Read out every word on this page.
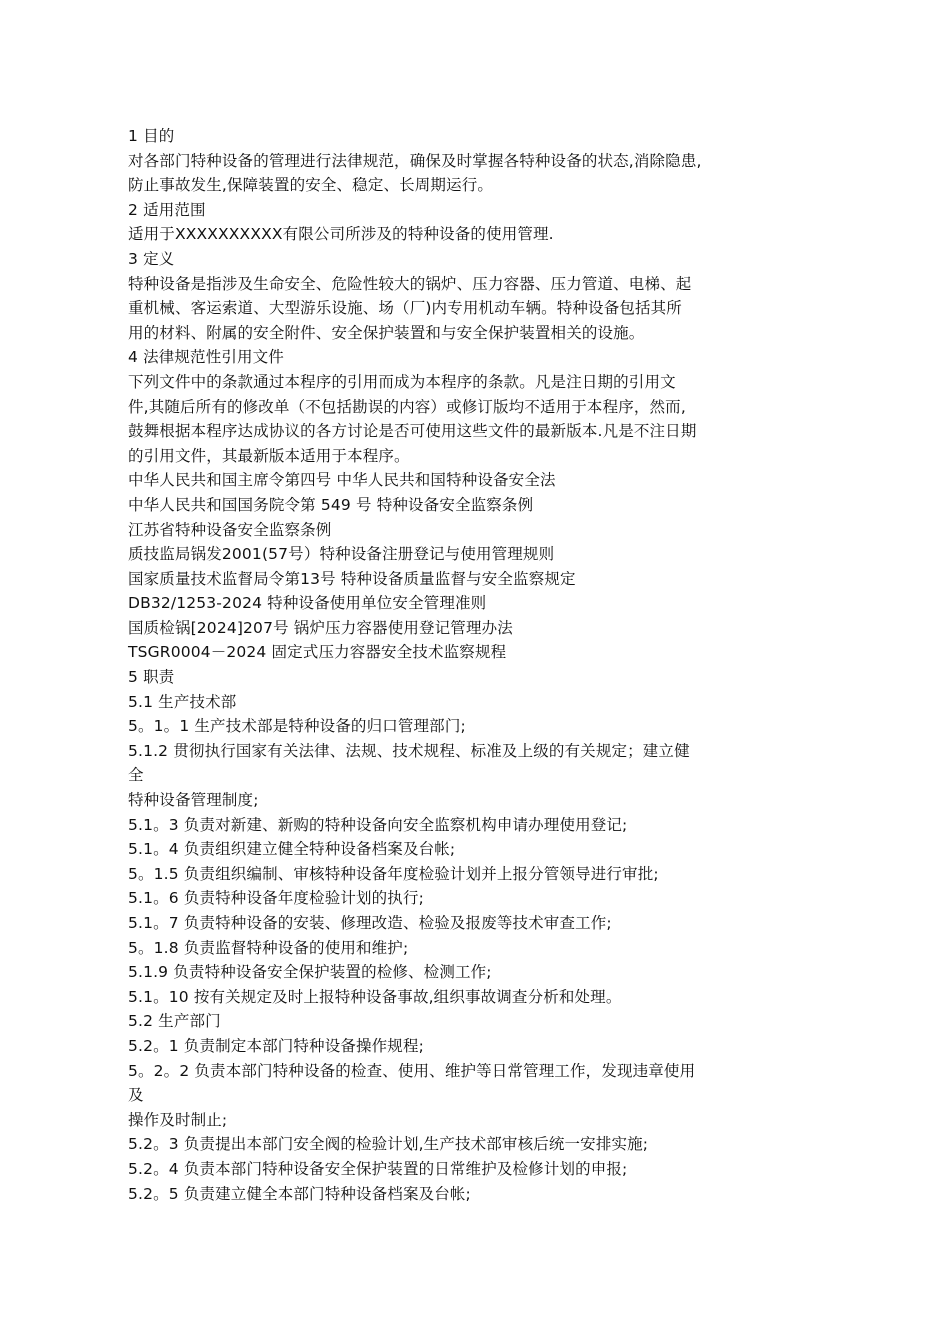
1 目的
对各部门特种设备的管理进行法律规范，确保及时掌握各特种设备的状态,消除隐患,
防止事故发生,保障装置的安全、稳定、长周期运行。
2 适用范围
适用于XXXXXXXXXX有限公司所涉及的特种设备的使用管理.
3 定义
特种设备是指涉及生命安全、危险性较大的锅炉、压力容器、压力管道、电梯、起
重机械、客运索道、大型游乐设施、场（厂)内专用机动车辆。特种设备包括其所
用的材料、附属的安全附件、安全保护装置和与安全保护装置相关的设施。
4 法律规范性引用文件
下列文件中的条款通过本程序的引用而成为本程序的条款。凡是注日期的引用文
件,其随后所有的修改单（不包括勘误的内容）或修订版均不适用于本程序，然而,
鼓舞根据本程序达成协议的各方讨论是否可使用这些文件的最新版本.凡是不注日期
的引用文件，其最新版本适用于本程序。
中华人民共和国主席令第四号 中华人民共和国特种设备安全法
中华人民共和国国务院令第 549 号 特种设备安全监察条例
江苏省特种设备安全监察条例
质技监局锅发2001(57号）特种设备注册登记与使用管理规则
国家质量技术监督局令第13号 特种设备质量监督与安全监察规定
DB32/1253-2024 特种设备使用单位安全管理准则
国质检锅[2024]207号 锅炉压力容器使用登记管理办法
TSGR0004－2024 固定式压力容器安全技术监察规程
5 职责
5.1 生产技术部
5。1。1 生产技术部是特种设备的归口管理部门;
5.1.2 贯彻执行国家有关法律、法规、技术规程、标准及上级的有关规定；建立健
全
特种设备管理制度;
5.1。3 负责对新建、新购的特种设备向安全监察机构申请办理使用登记;
5.1。4 负责组织建立健全特种设备档案及台帐;
5。1.5 负责组织编制、审核特种设备年度检验计划并上报分管领导进行审批;
5.1。6 负责特种设备年度检验计划的执行;
5.1。7 负责特种设备的安装、修理改造、检验及报废等技术审查工作;
5。1.8 负责监督特种设备的使用和维护;
5.1.9 负责特种设备安全保护装置的检修、检测工作;
5.1。10 按有关规定及时上报特种设备事故,组织事故调查分析和处理。
5.2 生产部门
5.2。1 负责制定本部门特种设备操作规程;
5。2。2 负责本部门特种设备的检查、使用、维护等日常管理工作，发现违章使用
及
操作及时制止;
5.2。3 负责提出本部门安全阀的检验计划,生产技术部审核后统一安排实施;
5.2。4 负责本部门特种设备安全保护装置的日常维护及检修计划的申报;
5.2。5 负责建立健全本部门特种设备档案及台帐;
